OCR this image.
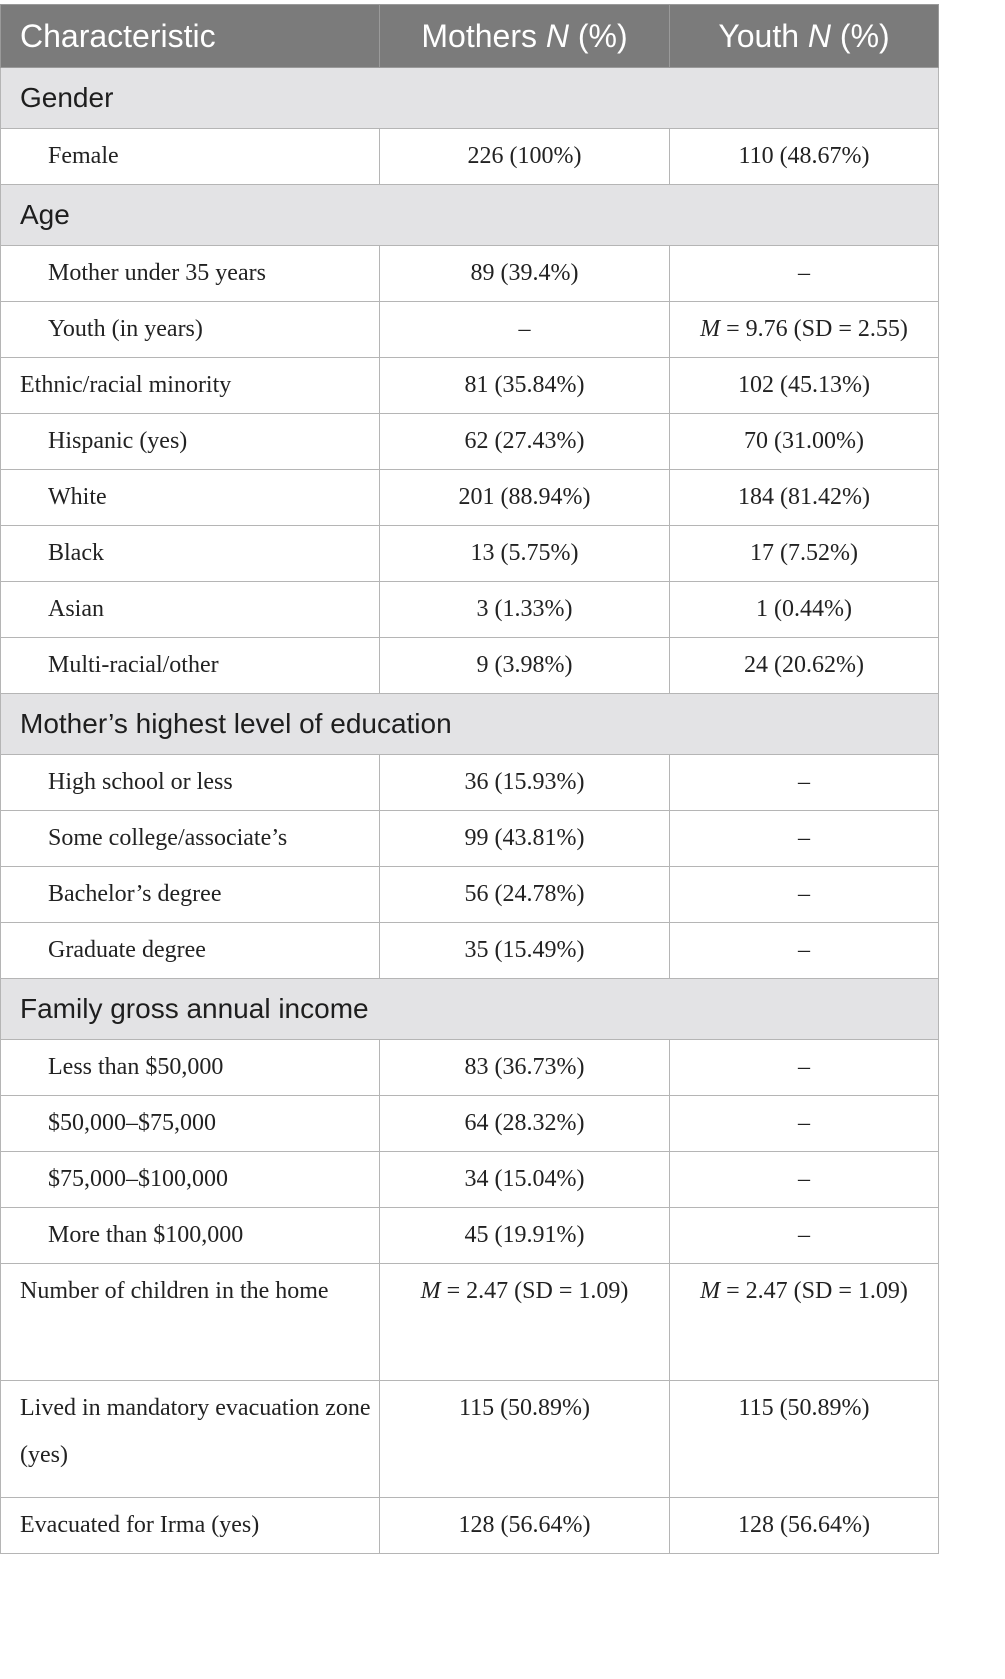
Characteristic	Mothers N (%)	Youth N (%)
Gender		
Female	226 (100%)	110 (48.67%)
Age		
Mother under 35 years	89 (39.4%)	–
Youth (in years)	–	M = 9.76 (SD = 2.55)
Ethnic/racial minority	81 (35.84%)	102 (45.13%)
Hispanic (yes)	62 (27.43%)	70 (31.00%)
White	201 (88.94%)	184 (81.42%)
Black	13 (5.75%)	17 (7.52%)
Asian	3 (1.33%)	1 (0.44%)
Multi-racial/other	9 (3.98%)	24 (20.62%)
Mother’s highest level of education		
High school or less	36 (15.93%)	–
Some college/associate’s	99 (43.81%)	–
Bachelor’s degree	56 (24.78%)	–
Graduate degree	35 (15.49%)	–
Family gross annual income		
Less than $50,000	83 (36.73%)	–
$50,000–$75,000	64 (28.32%)	–
$75,000–$100,000	34 (15.04%)	–
More than $100,000	45 (19.91%)	–
Number of children in the home	M = 2.47 (SD = 1.09)	M = 2.47 (SD = 1.09)
Lived in mandatory evacuation zone (yes)	115 (50.89%)	115 (50.89%)
Evacuated for Irma (yes)	128 (56.64%)	128 (56.64%)
